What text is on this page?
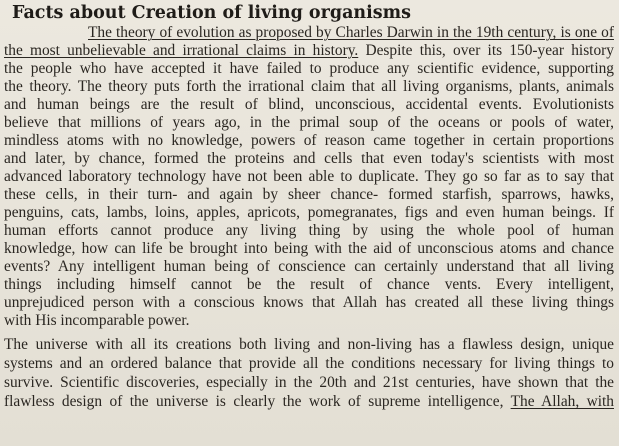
Facts about Creation of living organisms

The theory of evolution as proposed by Charles Darwin in the 19th century, is one of

the most unbelievable and irrational claims in history. Despite this, over its 150-year history

the people who have accepted it have failed to produce any scientific evidence, supporting

the theory. The theory puts forth the irrational claim that all living organisms, plants, animals

and human beings are the result of blind, unconscious, accidental events. Evolutionists

believe that millions of years ago, in the primal soup of the oceans or pools of water,

mindless atoms with no knowledge, powers of reason came together in certain proportions

and later, by chance, formed the proteins and cells that even today's scientists with most

advanced laboratory technology have not been able to duplicate. They go so far as to say that

these cells, in their turn- and again by sheer chance- formed starfish, sparrows, hawks,

penguins, cats, lambs, loins, apples, apricots, pomegranates, figs and even human beings. If

human efforts cannot produce any living thing by using the whole pool of human

knowledge, how can life be brought into being with the aid of unconscious atoms and chance

events? Any intelligent human being of conscience can certainly understand that all living

things including himself cannot be the result of chance vents. Every intelligent,

unprejudiced person with a conscious knows that Allah has created all these living things

with His incomparable power.

The universe with all its creations both living and non-living has a flawless design, unique

systems and an ordered balance that provide all the conditions necessary for living things to

survive. Scientific discoveries, especially in the 20th and 21st centuries, have shown that the

flawless design of the universe is clearly the work of supreme intelligence, The Allah, with
